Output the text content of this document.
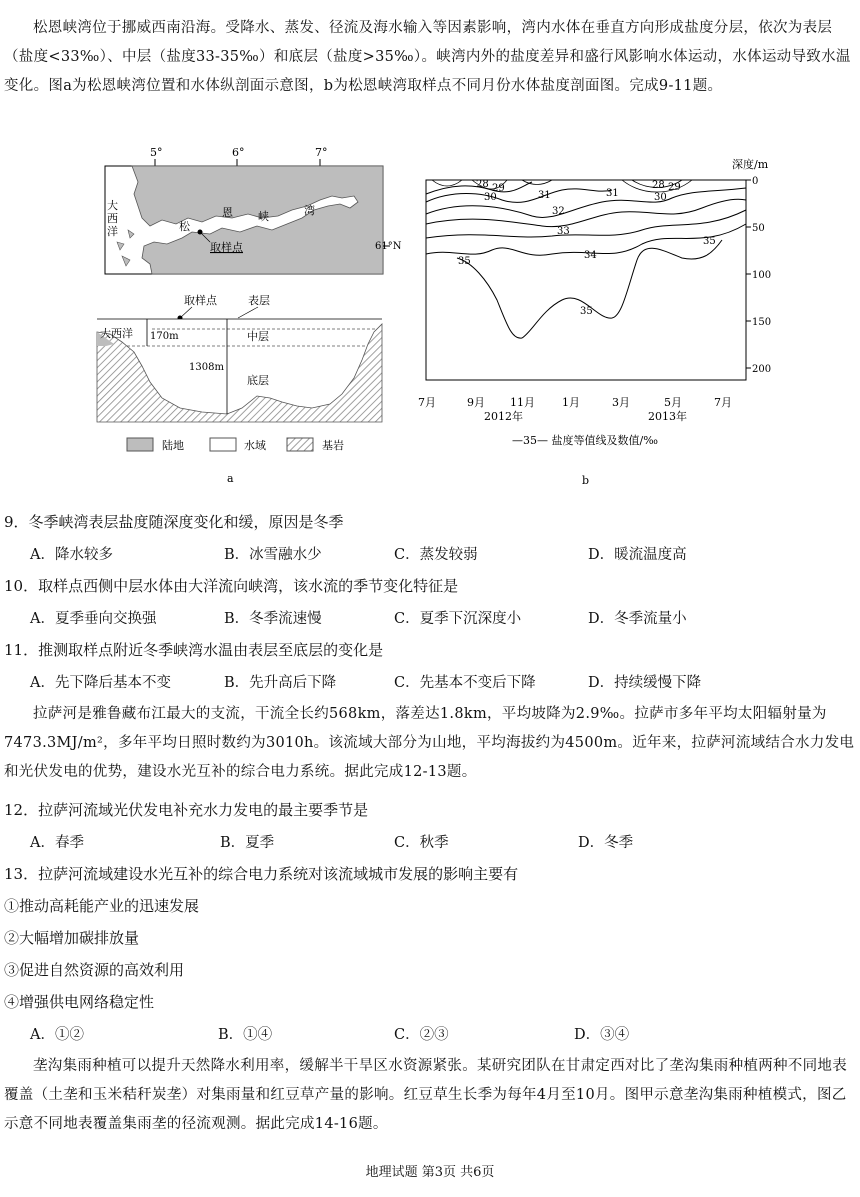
松恩峡湾位于挪威西南沿海。受降水、蒸发、径流及海水输入等因素影响，湾内水体在垂直方向形成盐度分层，依次为表层（盐度<33‰）、中层（盐度33-35‰）和底层（盐度>35‰）。峡湾内外的盐度差异和盛行风影响水体运动，水体运动导致水温变化。图a为松恩峡湾位置和水体纵剖面示意图，b为松恩峡湾取样点不同月份水体盐度剖面图。完成9-11题。
5°	6°	7°
大
西
洋	松
恩 峡	湾
取样点	61°N
取样点	表层
大西洋 170m	中层
1308m
底层
陆地	水域	基岩
a
深度/m
28 29
30	31	31
28 29
30
32
33
34
35
35
35
0
50
100
150
200
7月	9月 11月 1月	3月	5月	7月
2012年	2013年
—35— 盐度等值线及数值/‰
b
9．冬季峡湾表层盐度随深度变化和缓，原因是冬季
A．降水较多	B．冰雪融水少	C．蒸发较弱	D．暖流温度高
10．取样点西侧中层水体由大洋流向峡湾，该水流的季节变化特征是
A．夏季垂向交换强	B．冬季流速慢	C．夏季下沉深度小	D．冬季流量小
11．推测取样点附近冬季峡湾水温由表层至底层的变化是
A．先下降后基本不变	B．先升高后下降	C．先基本不变后下降	D．持续缓慢下降
拉萨河是雅鲁藏布江最大的支流，干流全长约568km，落差达1.8km，平均坡降为2.9‰。拉萨市多年平均太阳辐射量为7473.3MJ/m²，多年平均日照时数约为3010h。该流域大部分为山地，平均海拔约为4500m。近年来，拉萨河流域结合水力发电和光伏发电的优势，建设水光互补的综合电力系统。据此完成12-13题。
12．拉萨河流域光伏发电补充水力发电的最主要季节是
A．春季	B．夏季	C．秋季	D．冬季
13．拉萨河流域建设水光互补的综合电力系统对该流域城市发展的影响主要有
①推动高耗能产业的迅速发展
②大幅增加碳排放量
③促进自然资源的高效利用
④增强供电网络稳定性
A．①②	B．①④	C．②③	D．③④
垄沟集雨种植可以提升天然降水利用率，缓解半干旱区水资源紧张。某研究团队在甘肃定西对比了垄沟集雨种植两种不同地表覆盖（土垄和玉米秸秆炭垄）对集雨量和红豆草产量的影响。红豆草生长季为每年4月至10月。图甲示意垄沟集雨种植模式，图乙示意不同地表覆盖集雨垄的径流观测。据此完成14-16题。
地理试题 第3页 共6页
